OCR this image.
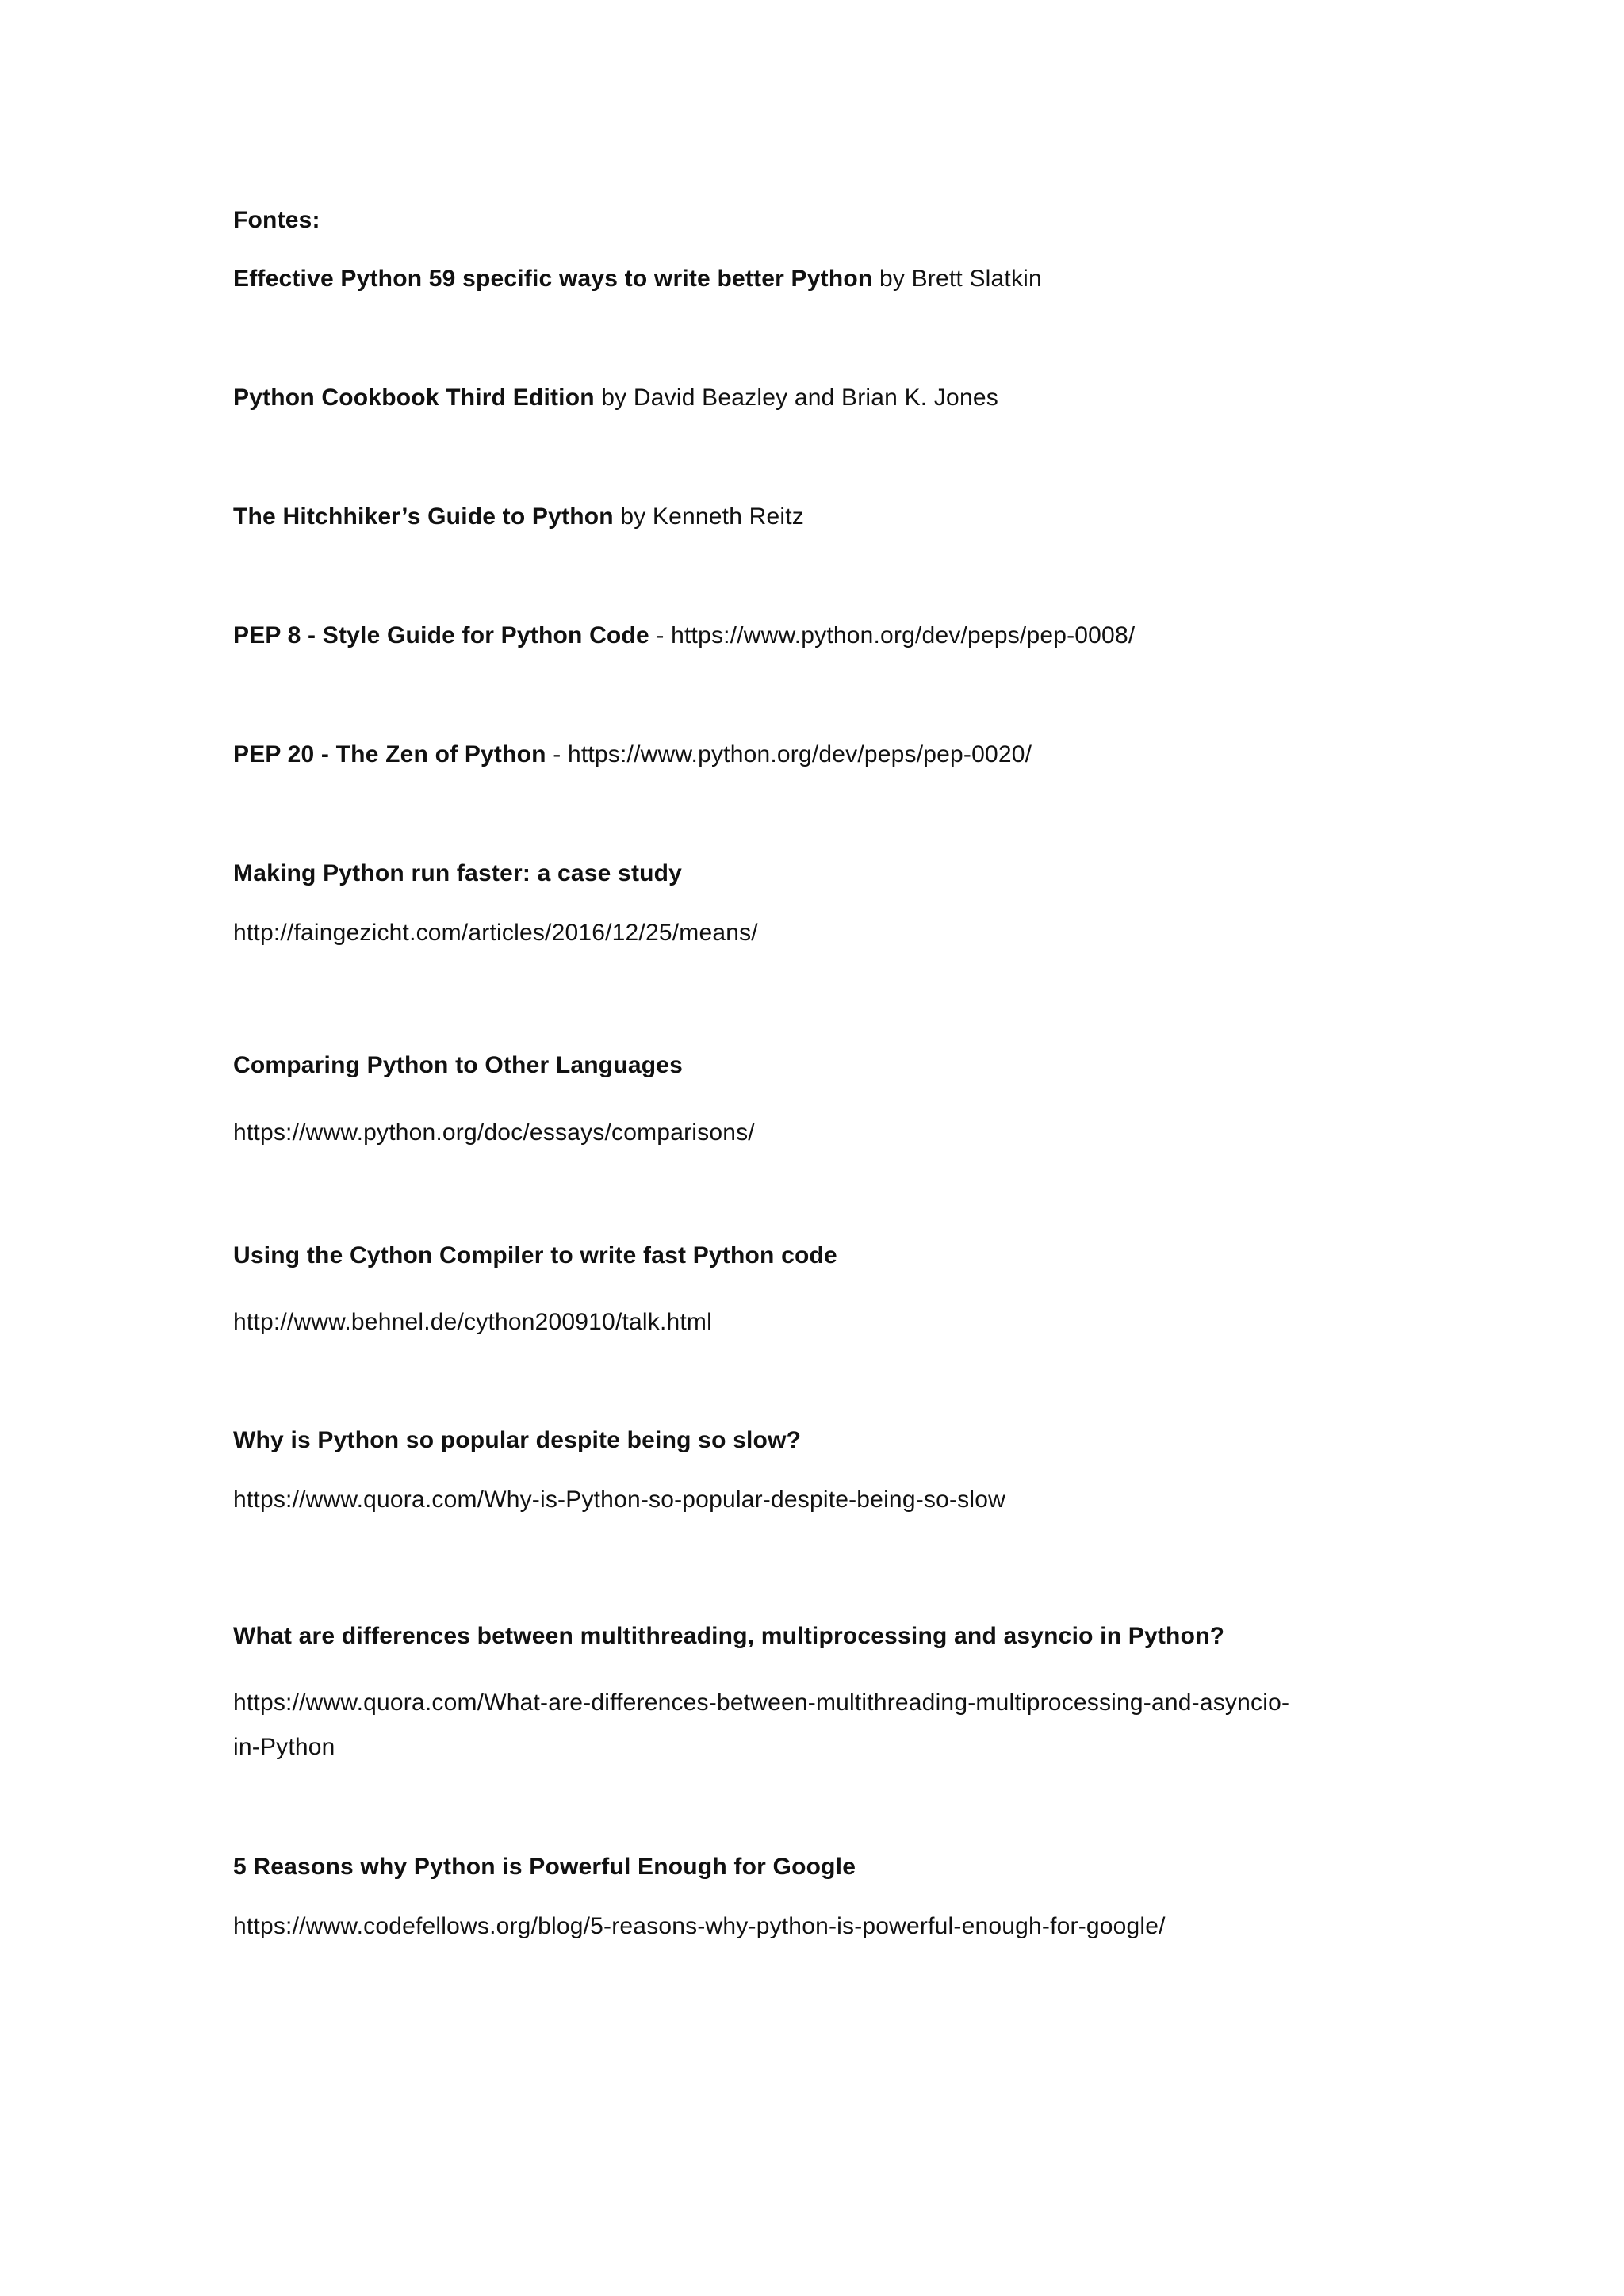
Fontes:
Effective Python 59 specific ways to write better Python by Brett Slatkin
Python Cookbook Third Edition by David Beazley and Brian K. Jones
The Hitchhiker’s Guide to Python by Kenneth Reitz
PEP 8 - Style Guide for Python Code - https://www.python.org/dev/peps/pep-0008/
PEP 20 - The Zen of Python - https://www.python.org/dev/peps/pep-0020/
Making Python run faster: a case study
http://faingezicht.com/articles/2016/12/25/means/
Comparing Python to Other Languages
https://www.python.org/doc/essays/comparisons/
Using the Cython Compiler to write fast Python code
http://www.behnel.de/cython200910/talk.html
Why is Python so popular despite being so slow?
https://www.quora.com/Why-is-Python-so-popular-despite-being-so-slow
What are differences between multithreading, multiprocessing and asyncio in Python?
https://www.quora.com/What-are-differences-between-multithreading-multiprocessing-and-asyncio-
in-Python
5 Reasons why Python is Powerful Enough for Google
https://www.codefellows.org/blog/5-reasons-why-python-is-powerful-enough-for-google/
